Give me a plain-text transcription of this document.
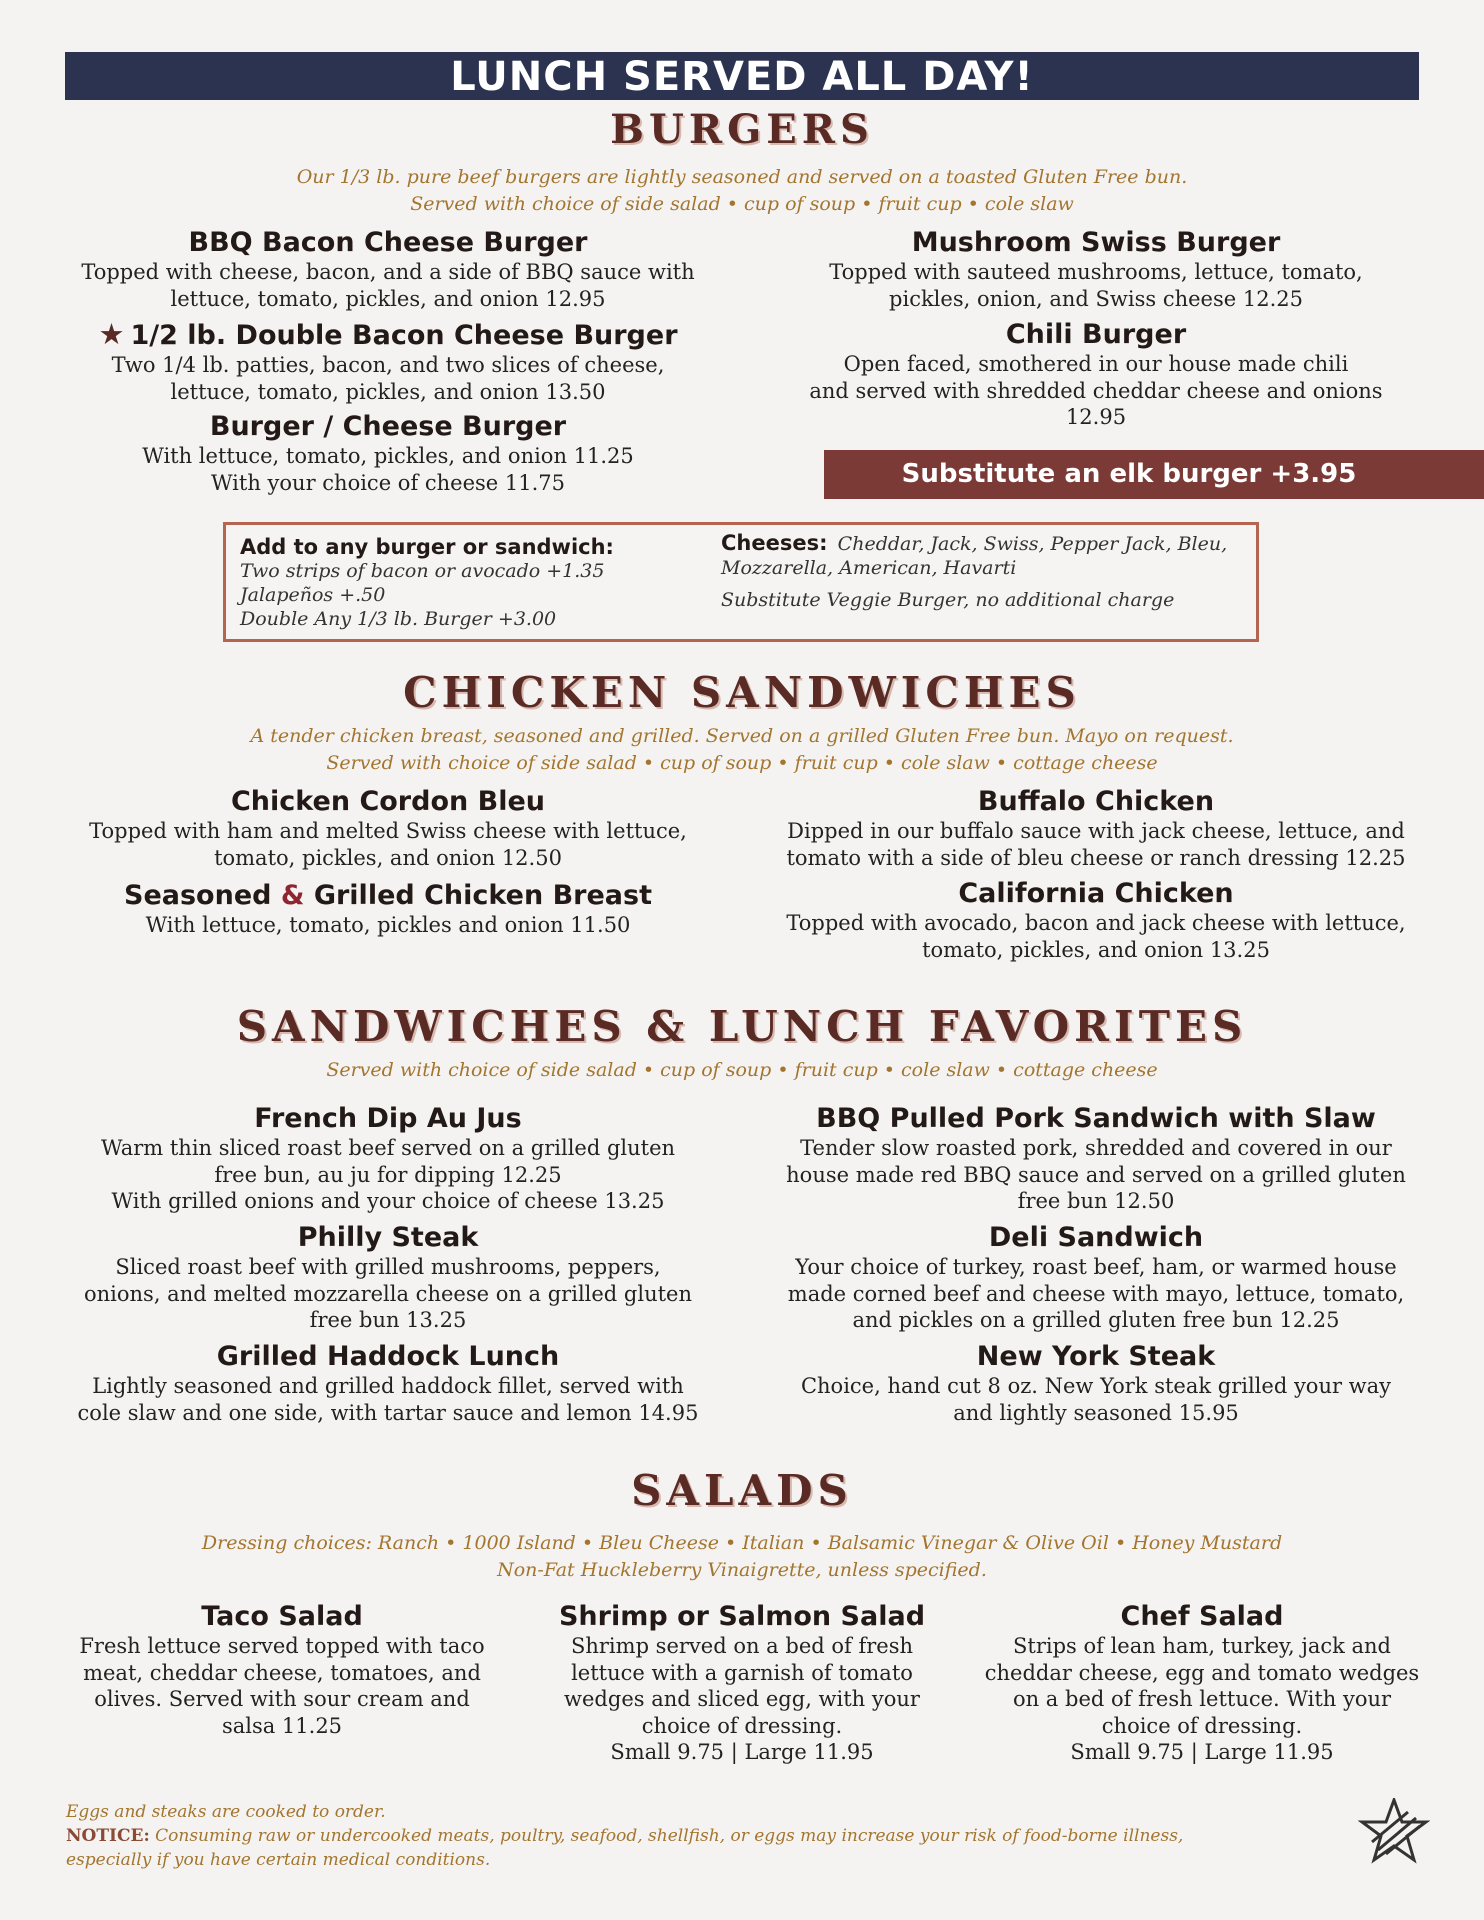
LUNCH SERVED ALL DAY!
BURGERS
Our 1/3 lb. pure beef burgers are lightly seasoned and served on a toasted Gluten Free bun.
Served with choice of side salad • cup of soup • fruit cup • cole slaw
BBQ Bacon Cheese Burger
Topped with cheese, bacon, and a side of BBQ sauce with
lettuce, tomato, pickles, and onion 12.95
★ 1/2 lb. Double Bacon Cheese Burger
Two 1/4 lb. patties, bacon, and two slices of cheese,
lettuce, tomato, pickles, and onion 13.50
Burger / Cheese Burger
With lettuce, tomato, pickles, and onion 11.25
With your choice of cheese 11.75
Mushroom Swiss Burger
Topped with sauteed mushrooms, lettuce, tomato,
pickles, onion, and Swiss cheese 12.25
Chili Burger
Open faced, smothered in our house made chili
and served with shredded cheddar cheese and onions
12.95
Substitute an elk burger +3.95
Add to any burger or sandwich:
Two strips of bacon or avocado +1.35
Jalapeños +.50
Double Any 1/3 lb. Burger +3.00
Cheeses: Cheddar, Jack, Swiss, Pepper Jack, Bleu,
Mozzarella, American, Havarti
Substitute Veggie Burger, no additional charge
CHICKEN SANDWICHES
A tender chicken breast, seasoned and grilled. Served on a grilled Gluten Free bun. Mayo on request.
Served with choice of side salad • cup of soup • fruit cup • cole slaw • cottage cheese
Chicken Cordon Bleu
Topped with ham and melted Swiss cheese with lettuce,
tomato, pickles, and onion 12.50
Seasoned & Grilled Chicken Breast
With lettuce, tomato, pickles and onion 11.50
Buffalo Chicken
Dipped in our buffalo sauce with jack cheese, lettuce, and
tomato with a side of bleu cheese or ranch dressing 12.25
California Chicken
Topped with avocado, bacon and jack cheese with lettuce,
tomato, pickles, and onion 13.25
SANDWICHES & LUNCH FAVORITES
Served with choice of side salad • cup of soup • fruit cup • cole slaw • cottage cheese
French Dip Au Jus
Warm thin sliced roast beef served on a grilled gluten
free bun, au ju for dipping 12.25
With grilled onions and your choice of cheese 13.25
Philly Steak
Sliced roast beef with grilled mushrooms, peppers,
onions, and melted mozzarella cheese on a grilled gluten
free bun 13.25
Grilled Haddock Lunch
Lightly seasoned and grilled haddock fillet, served with
cole slaw and one side, with tartar sauce and lemon 14.95
BBQ Pulled Pork Sandwich with Slaw
Tender slow roasted pork, shredded and covered in our
house made red BBQ sauce and served on a grilled gluten
free bun 12.50
Deli Sandwich
Your choice of turkey, roast beef, ham, or warmed house
made corned beef and cheese with mayo, lettuce, tomato,
and pickles on a grilled gluten free bun 12.25
New York Steak
Choice, hand cut 8 oz. New York steak grilled your way
and lightly seasoned 15.95
SALADS
Dressing choices: Ranch • 1000 Island • Bleu Cheese • Italian • Balsamic Vinegar & Olive Oil • Honey Mustard
Non-Fat Huckleberry Vinaigrette, unless specified.
Taco Salad
Fresh lettuce served topped with taco
meat, cheddar cheese, tomatoes, and
olives. Served with sour cream and
salsa 11.25
Shrimp or Salmon Salad
Shrimp served on a bed of fresh
lettuce with a garnish of tomato
wedges and sliced egg, with your
choice of dressing.
Small 9.75 | Large 11.95
Chef Salad
Strips of lean ham, turkey, jack and
cheddar cheese, egg and tomato wedges
on a bed of fresh lettuce. With your
choice of dressing.
Small 9.75 | Large 11.95
Eggs and steaks are cooked to order.
NOTICE: Consuming raw or undercooked meats, poultry, seafood, shellfish, or eggs may increase your risk of food-borne illness,
especially if you have certain medical conditions.
